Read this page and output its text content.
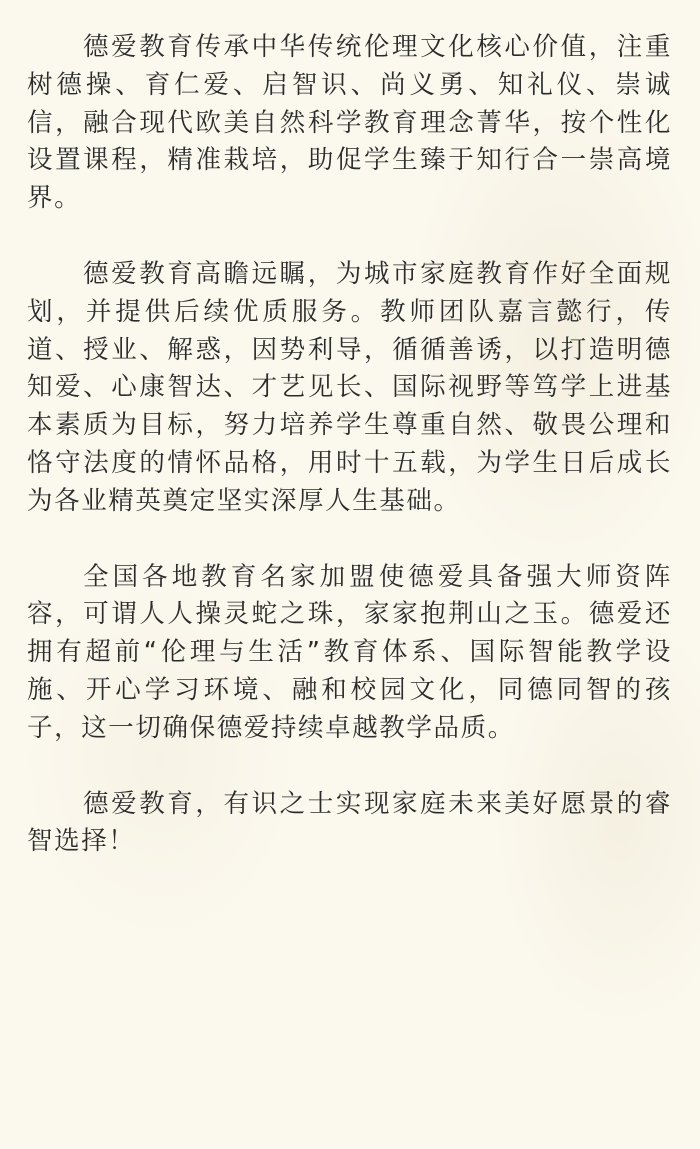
德爱教育传承中华传统伦理文化核心价值，注重树德操、育仁爱、启智识、尚义勇、知礼仪、崇诚信，融合现代欧美自然科学教育理念菁华，按个性化设置课程，精准栽培，助促学生臻于知行合一崇高境界。

德爱教育高瞻远瞩，为城市家庭教育作好全面规划，并提供后续优质服务。教师团队嘉言懿行，传道、授业、解惑，因势利导，循循善诱，以打造明德知爱、心康智达、才艺见长、国际视野等笃学上进基本素质为目标，努力培养学生尊重自然、敬畏公理和恪守法度的情怀品格，用时十五载，为学生日后成长为各业精英奠定坚实深厚人生基础。

全国各地教育名家加盟使德爱具备强大师资阵容，可谓人人操灵蛇之珠，家家抱荆山之玉。德爱还拥有超前“伦理与生活”教育体系、国际智能教学设施、开心学习环境、融和校园文化，同德同智的孩子，这一切确保德爱持续卓越教学品质。

德爱教育，有识之士实现家庭未来美好愿景的睿智选择！
